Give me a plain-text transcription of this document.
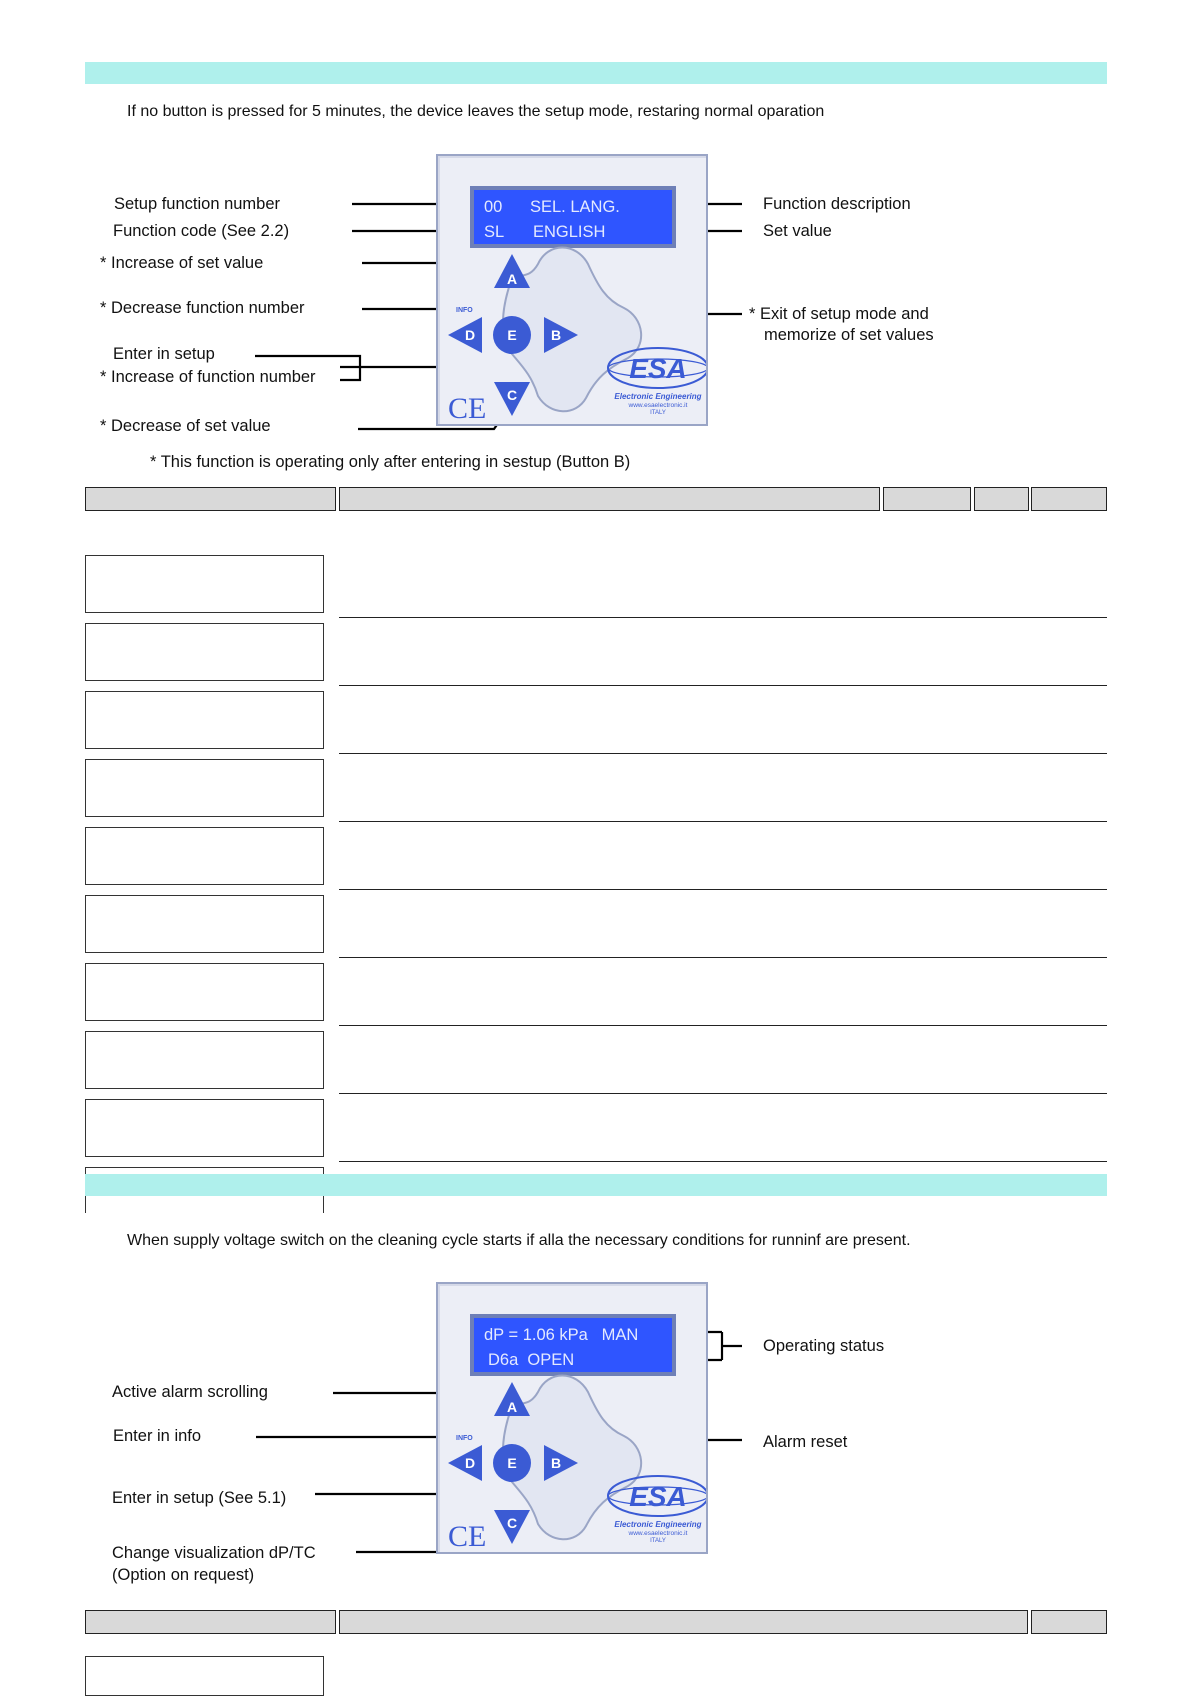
If no button is pressed for 5 minutes, the device leaves the setup mode, restaring normal oparation
Setup function number
Function code (See 2.2)
* Increase of set value
* Decrease function number
Enter in setup
* Increase of function number
* Decrease of set value
Function description
Set value
* Exit of setup mode and
memorize of set values
* This function is operating only after entering in sestup (Button B)
00 SEL. LANG.
SL ENGLISH
A
D
INFO
E B
C
CE
ESA
Electronic Engineering
www.esaelectronic.it
ITALY
When supply voltage switch on the cleaning cycle starts if alla the necessary conditions for runninf are present.
Active alarm scrolling
Enter in info
Enter in setup (See 5.1)
Change visualization dP/TC
(Option on request)
Operating status
Alarm reset
dP = 1.06 kPa   MAN
D6a  OPEN
A
D
INFO
E B
C
CE
ESA
Electronic Engineering
www.esaelectronic.it
ITALY
